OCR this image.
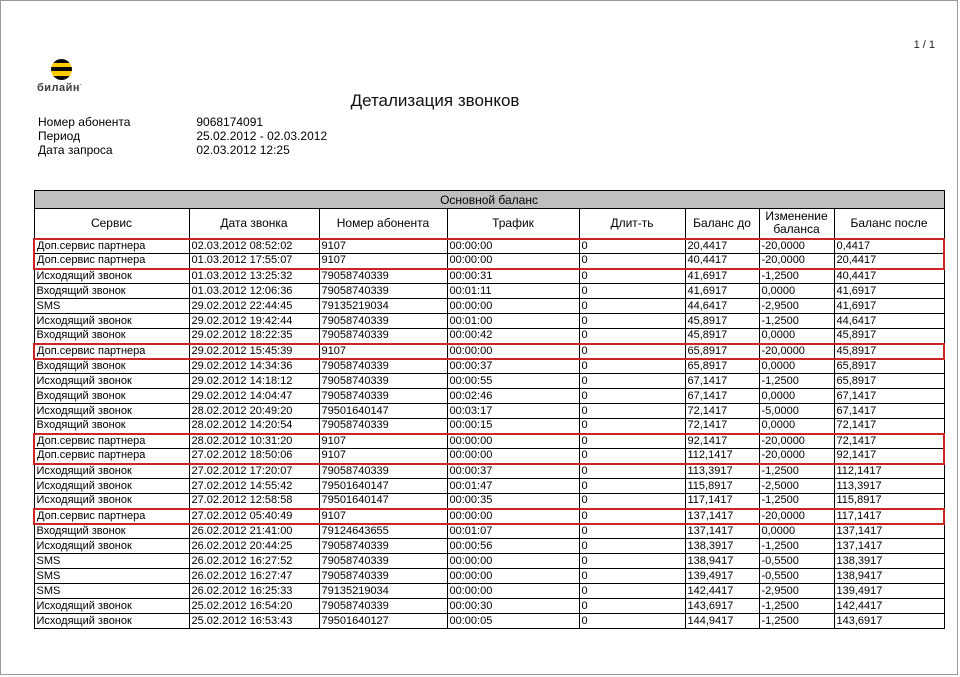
1 / 1
билайн·
Детализация звонков
Номер абонента	9068174091
Период	25.02.2012 - 02.03.2012
Дата запроса	02.03.2012 12:25
Основной баланс							
Сервис	Дата звонка	Номер абонента	Трафик	Длит-ть	Баланс до	Изменение баланса	Баланс после
Доп.сервис партнера	02.03.2012 08:52:02	9107	00:00:00	0	20,4417	-20,0000	0,4417
Доп.сервис партнера	01.03.2012 17:55:07	9107	00:00:00	0	40,4417	-20,0000	20,4417
Исходящий звонок	01.03.2012 13:25:32	79058740339	00:00:31	0	41,6917	-1,2500	40,4417
Входящий звонок	01.03.2012 12:06:36	79058740339	00:01:11	0	41,6917	0,0000	41,6917
SMS	29.02.2012 22:44:45	79135219034	00:00:00	0	44,6417	-2,9500	41,6917
Исходящий звонок	29.02.2012 19:42:44	79058740339	00:01:00	0	45,8917	-1,2500	44,6417
Входящий звонок	29.02.2012 18:22:35	79058740339	00:00:42	0	45,8917	0,0000	45,8917
Доп.сервис партнера	29.02.2012 15:45:39	9107	00:00:00	0	65,8917	-20,0000	45,8917
Входящий звонок	29.02.2012 14:34:36	79058740339	00:00:37	0	65,8917	0,0000	65,8917
Исходящий звонок	29.02.2012 14:18:12	79058740339	00:00:55	0	67,1417	-1,2500	65,8917
Входящий звонок	29.02.2012 14:04:47	79058740339	00:02:46	0	67,1417	0,0000	67,1417
Исходящий звонок	28.02.2012 20:49:20	79501640147	00:03:17	0	72,1417	-5,0000	67,1417
Входящий звонок	28.02.2012 14:20:54	79058740339	00:00:15	0	72,1417	0,0000	72,1417
Доп.сервис партнера	28.02.2012 10:31:20	9107	00:00:00	0	92,1417	-20,0000	72,1417
Доп.сервис партнера	27.02.2012 18:50:06	9107	00:00:00	0	112,1417	-20,0000	92,1417
Исходящий звонок	27.02.2012 17:20:07	79058740339	00:00:37	0	113,3917	-1,2500	112,1417
Исходящий звонок	27.02.2012 14:55:42	79501640147	00:01:47	0	115,8917	-2,5000	113,3917
Исходящий звонок	27.02.2012 12:58:58	79501640147	00:00:35	0	117,1417	-1,2500	115,8917
Доп.сервис партнера	27.02.2012 05:40:49	9107	00:00:00	0	137,1417	-20,0000	117,1417
Входящий звонок	26.02.2012 21:41:00	79124643655	00:01:07	0	137,1417	0,0000	137,1417
Исходящий звонок	26.02.2012 20:44:25	79058740339	00:00:56	0	138,3917	-1,2500	137,1417
SMS	26.02.2012 16:27:52	79058740339	00:00:00	0	138,9417	-0,5500	138,3917
SMS	26.02.2012 16:27:47	79058740339	00:00:00	0	139,4917	-0,5500	138,9417
SMS	26.02.2012 16:25:33	79135219034	00:00:00	0	142,4417	-2,9500	139,4917
Исходящий звонок	25.02.2012 16:54:20	79058740339	00:00:30	0	143,6917	-1,2500	142,4417
Исходящий звонок	25.02.2012 16:53:43	79501640127	00:00:05	0	144,9417	-1,2500	143,6917
